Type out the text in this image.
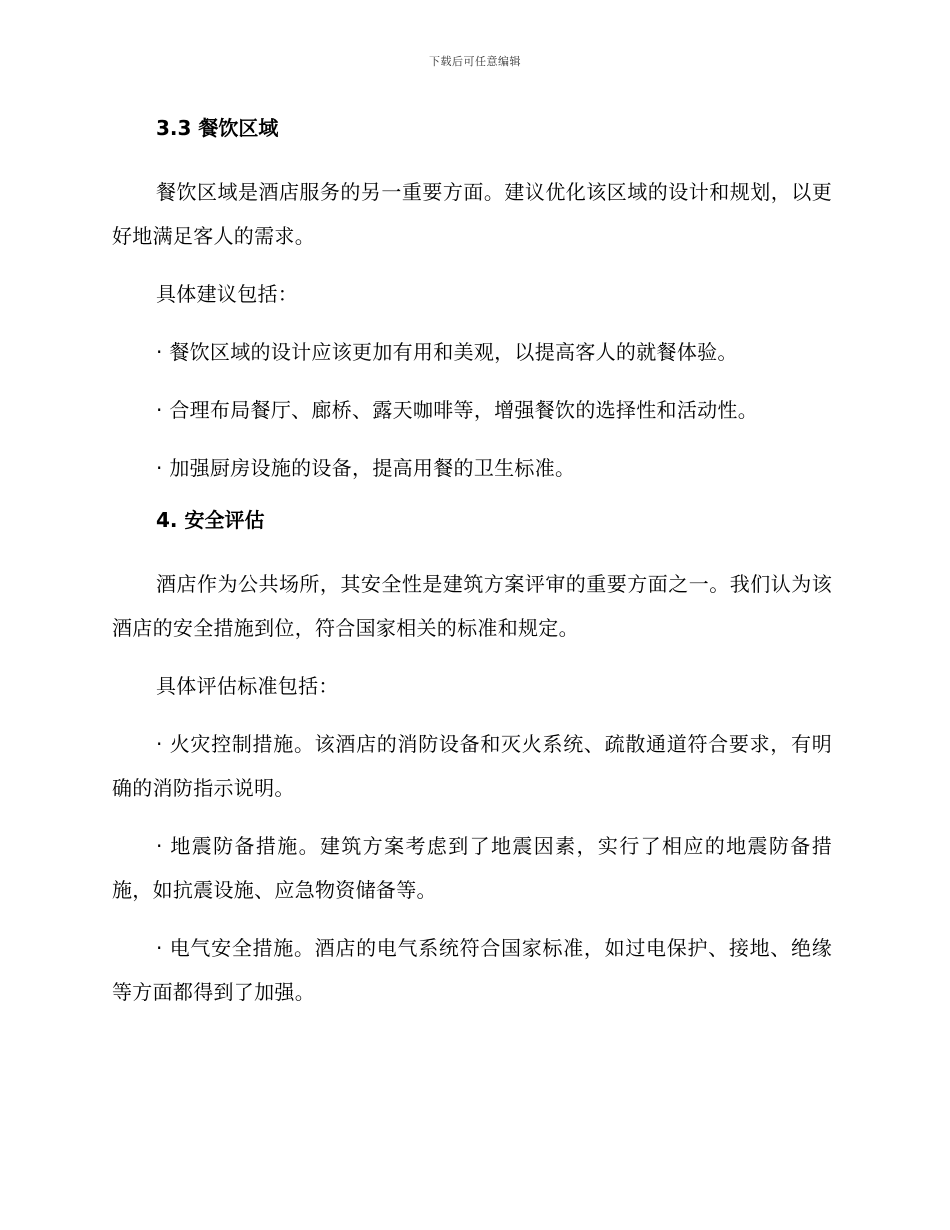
下载后可任意编辑
3.3 餐饮区域
餐饮区域是酒店服务的另一重要方面。建议优化该区域的设计和规划，以更好地满足客人的需求。
具体建议包括：
· 餐饮区域的设计应该更加有用和美观，以提高客人的就餐体验。
· 合理布局餐厅、廊桥、露天咖啡等，增强餐饮的选择性和活动性。
· 加强厨房设施的设备，提高用餐的卫生标准。
4. 安全评估
酒店作为公共场所，其安全性是建筑方案评审的重要方面之一。我们认为该酒店的安全措施到位，符合国家相关的标准和规定。
具体评估标准包括：
· 火灾控制措施。该酒店的消防设备和灭火系统、疏散通道符合要求，有明确的消防指示说明。
· 地震防备措施。建筑方案考虑到了地震因素，实行了相应的地震防备措施，如抗震设施、应急物资储备等。
· 电气安全措施。酒店的电气系统符合国家标准，如过电保护、接地、绝缘等方面都得到了加强。
